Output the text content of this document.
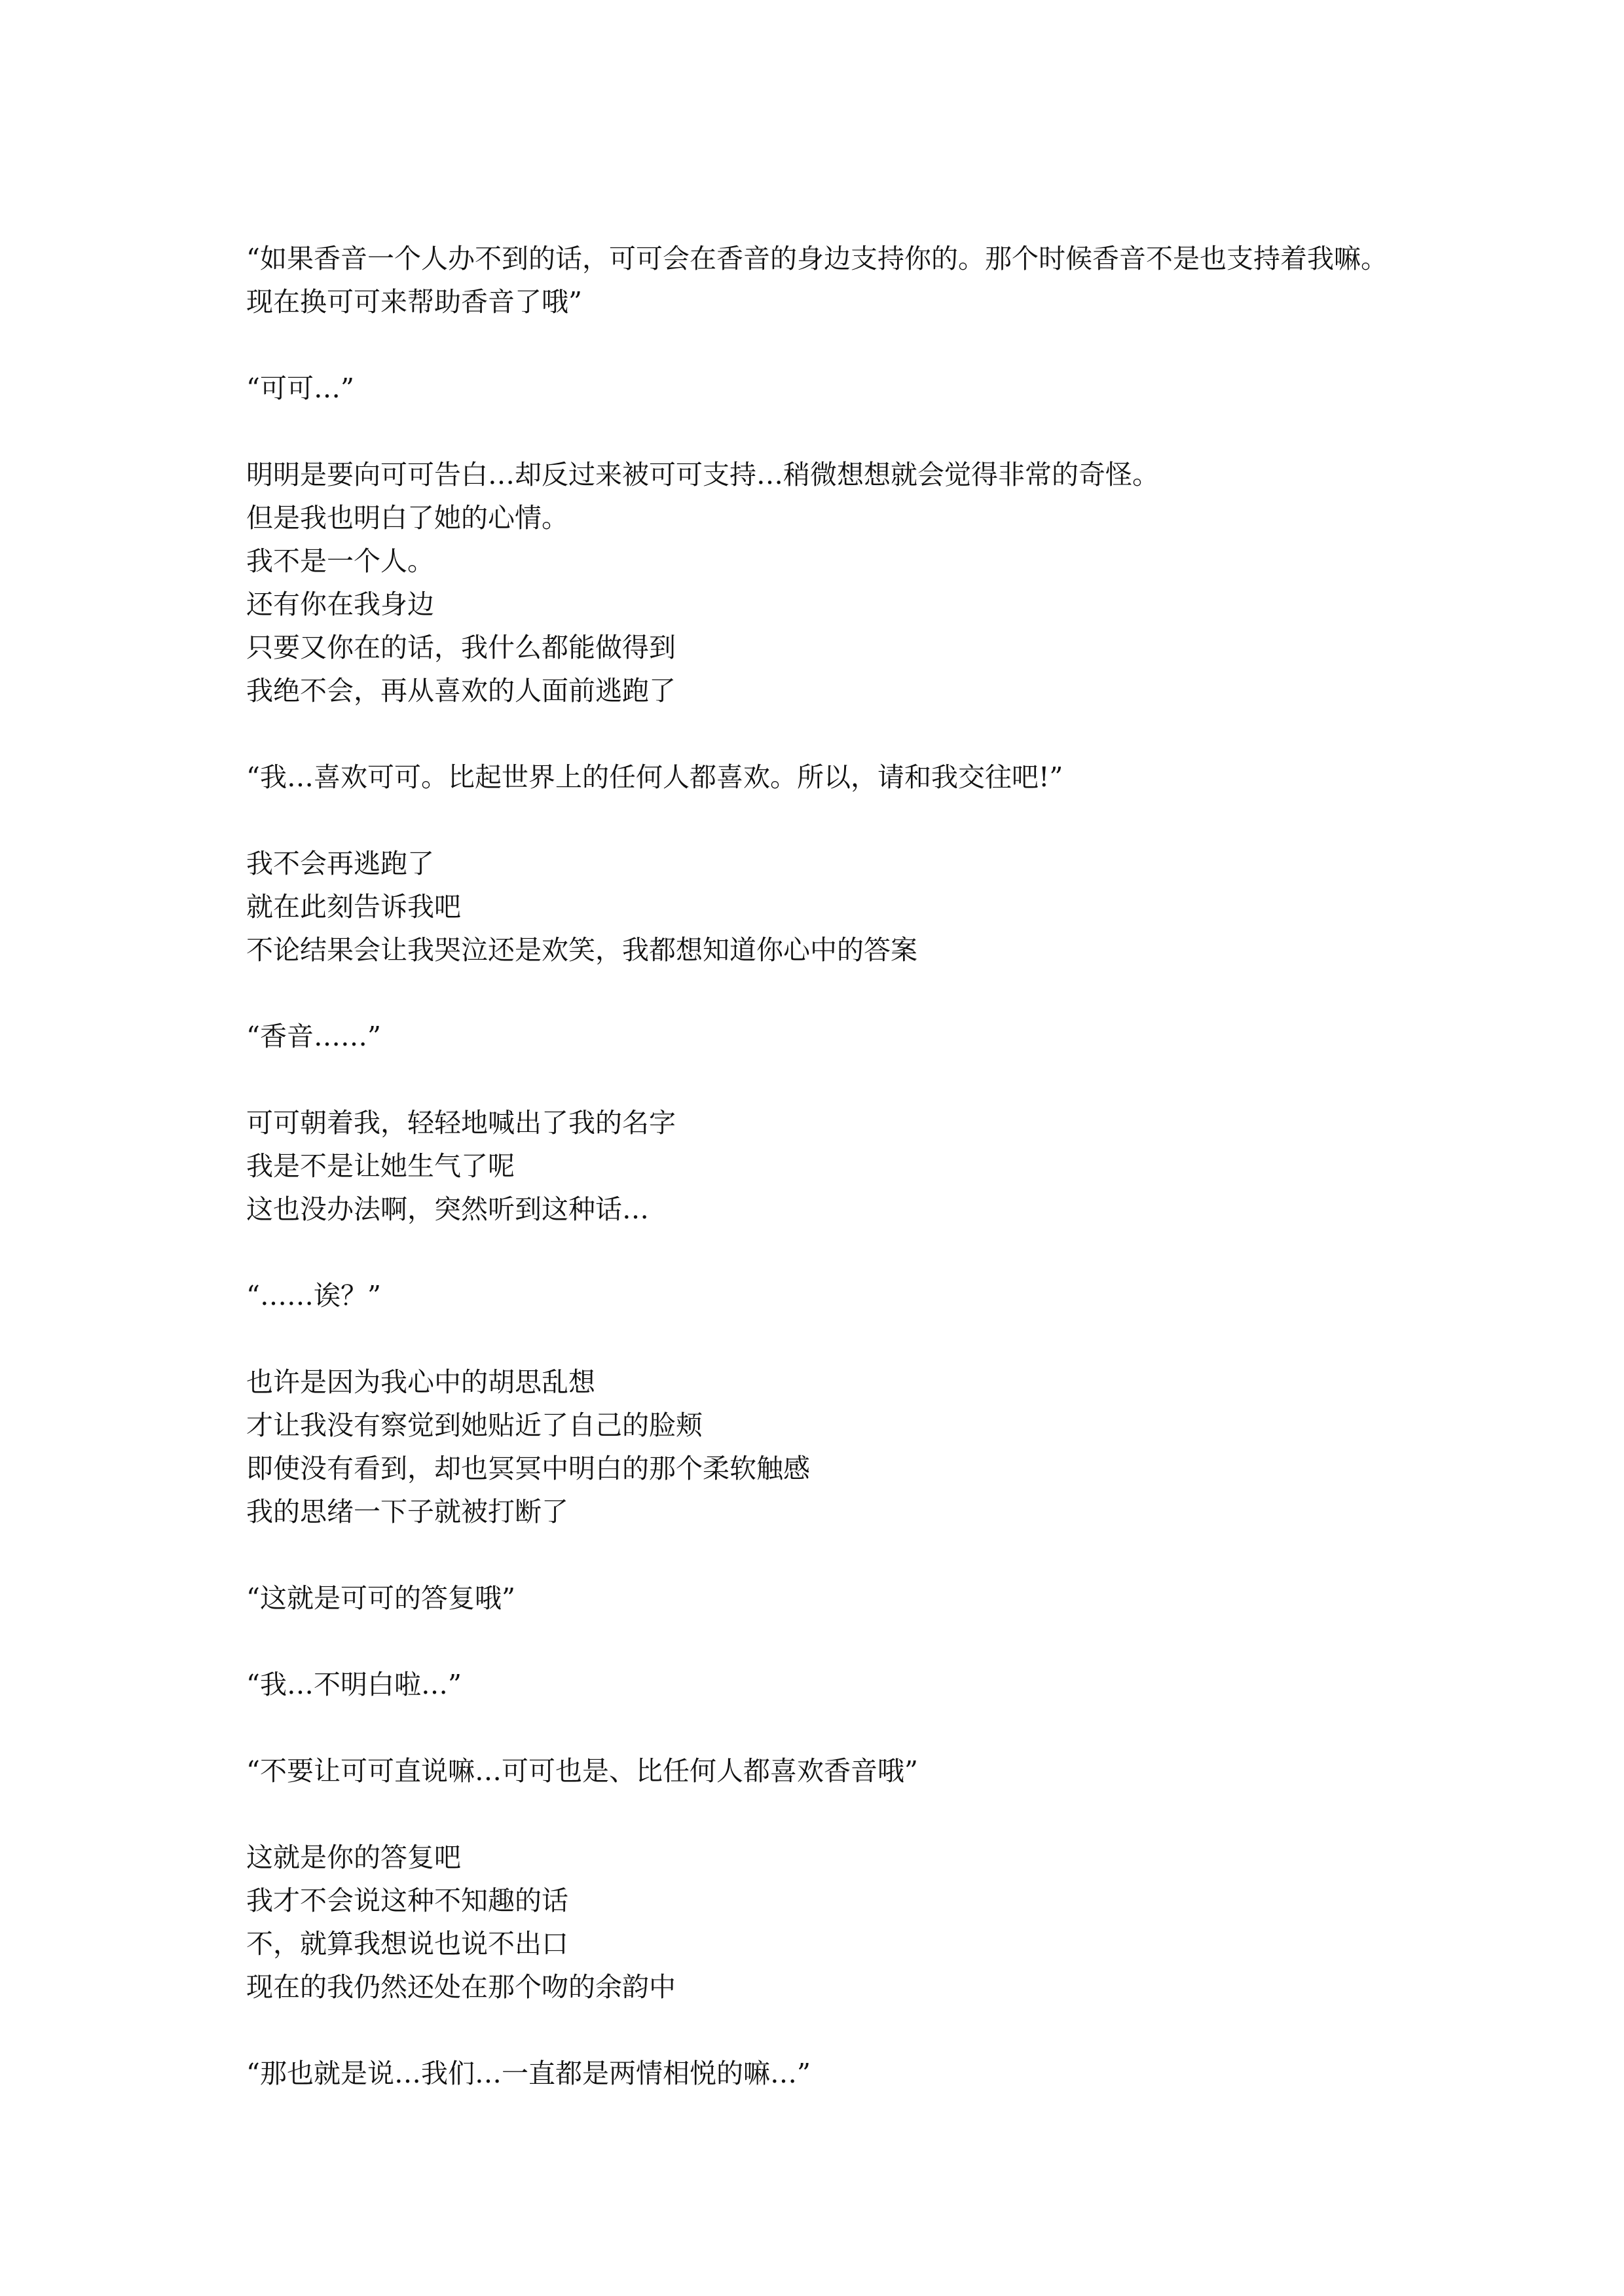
“如果香音一个人办不到的话，可可会在香音的身边支持你的。那个时候香音不是也支持着我嘛。现在换可可来帮助香音了哦”

“可可…”

明明是要向可可告白…却反过来被可可支持…稍微想想就会觉得非常的奇怪。
但是我也明白了她的心情。
我不是一个人。
还有你在我身边
只要又你在的话，我什么都能做得到
我绝不会，再从喜欢的人面前逃跑了

“我…喜欢可可。比起世界上的任何人都喜欢。所以，请和我交往吧!”

我不会再逃跑了
就在此刻告诉我吧
不论结果会让我哭泣还是欢笑，我都想知道你心中的答案

“香音……”

可可朝着我，轻轻地喊出了我的名字
我是不是让她生气了呢
这也没办法啊，突然听到这种话…

“……诶？”

也许是因为我心中的胡思乱想
才让我没有察觉到她贴近了自己的脸颊
即使没有看到，却也冥冥中明白的那个柔软触感
我的思绪一下子就被打断了

“这就是可可的答复哦”

“我…不明白啦…”

“不要让可可直说嘛…可可也是、比任何人都喜欢香音哦”

这就是你的答复吧
我才不会说这种不知趣的话
不，就算我想说也说不出口
现在的我仍然还处在那个吻的余韵中

“那也就是说…我们…一直都是两情相悦的嘛…”
